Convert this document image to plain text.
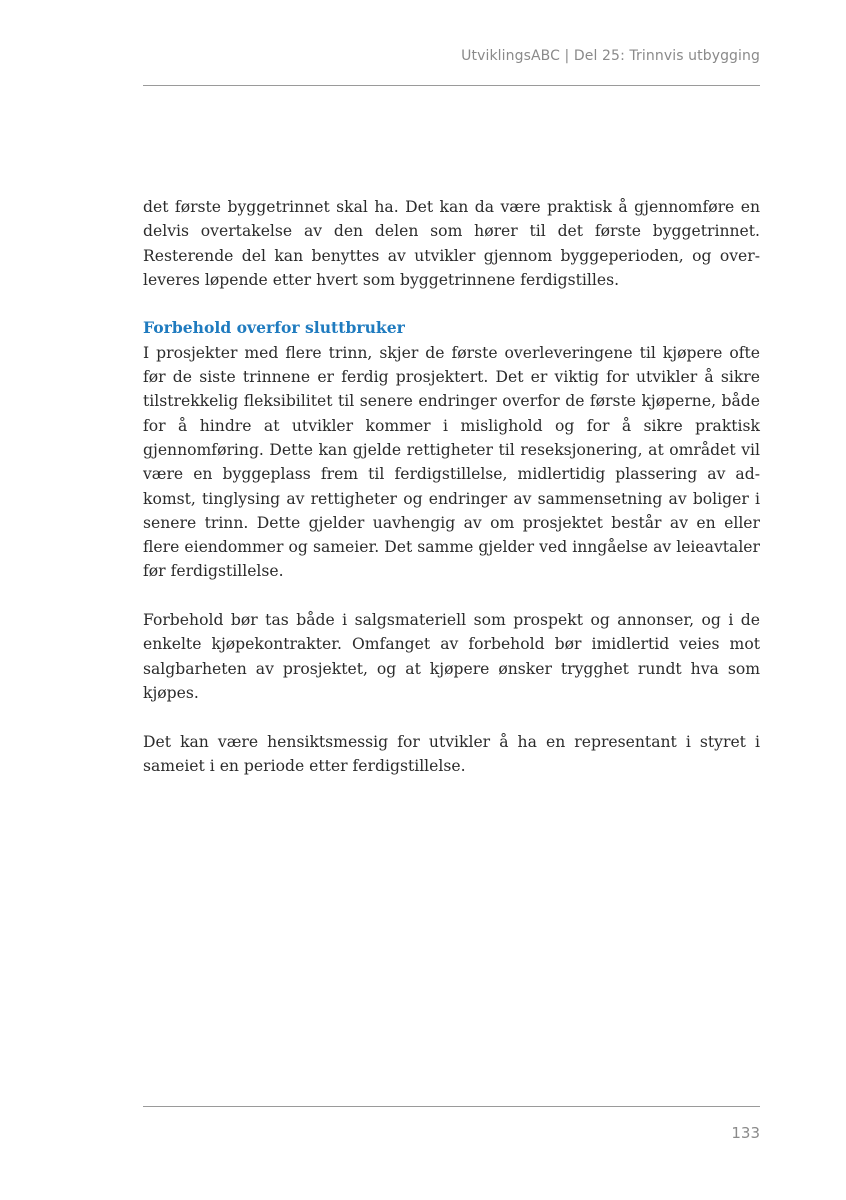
UtviklingsABC | Del 25: Trinnvis utbygging

det første byggetrinnet skal ha. Det kan da være praktisk å gjennomføre en delvis overtakelse av den delen som hører til det første byggetrinnet. Resterende del kan benyttes av utvikler gjennom byggeperioden, og overleveres løpende etter hvert som byggetrinnene ferdigstilles.

Forbehold overfor sluttbruker

I prosjekter med flere trinn, skjer de første overleveringene til kjøpere ofte før de siste trinnene er ferdig prosjektert. Det er viktig for utvikler å sikre tilstrekkelig fleksibilitet til senere endringer overfor de første kjøperne, både for å hindre at utvikler kommer i mislighold og for å sikre praktisk gjennomføring. Dette kan gjelde rettigheter til reseksjonering, at området vil være en byggeplass frem til ferdigstillelse, midlertidig plassering av adkomst, tinglysing av rettigheter og endringer av sammensetning av boliger i senere trinn. Dette gjelder uavhengig av om prosjektet består av en eller flere eiendommer og sameier. Det samme gjelder ved inngåelse av leieavtaler før ferdigstillelse.

Forbehold bør tas både i salgsmateriell som prospekt og annonser, og i de enkelte kjøpekontrakter. Omfanget av forbehold bør imidlertid veies mot salgbarheten av prosjektet, og at kjøpere ønsker trygghet rundt hva som kjøpes.

Det kan være hensiktsmessig for utvikler å ha en representant i styret i sameiet i en periode etter ferdigstillelse.

133
